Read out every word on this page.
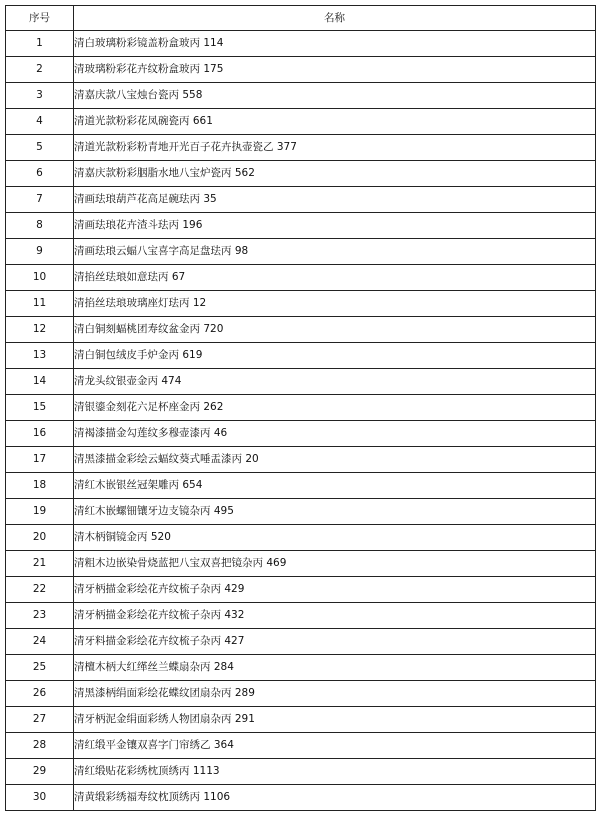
序号	名称
1	清白玻璃粉彩镜盖粉盒玻丙 114
2	清玻璃粉彩花卉纹粉盒玻丙 175
3	清嘉庆款八宝烛台瓷丙 558
4	清道光款粉彩花凤碗瓷丙 661
5	清道光款粉彩粉青地开光百子花卉执壶瓷乙 377
6	清嘉庆款粉彩胭脂水地八宝炉瓷丙 562
7	清画珐琅葫芦花高足碗珐丙 35
8	清画珐琅花卉渣斗珐丙 196
9	清画珐琅云蝠八宝喜字高足盘珐丙 98
10	清掐丝珐琅如意珐丙 67
11	清掐丝珐琅玻璃座灯珐丙 12
12	清白铜刻蝠桃团寿纹盆金丙 720
13	清白铜包绒皮手炉金丙 619
14	清龙头纹银壶金丙 474
15	清银鎏金刻花六足杯座金丙 262
16	清褐漆描金勾莲纹多穆壶漆丙 46
17	清黑漆描金彩绘云蝠纹葵式唾盂漆丙 20
18	清红木嵌银丝冠架雕丙 654
19	清红木嵌螺钿镶牙边支镜杂丙 495
20	清木柄铜镜金丙 520
21	清粗木边嵌染骨烧蓝把八宝双喜把镜杂丙 469
22	清牙柄描金彩绘花卉纹梳子杂丙 429
23	清牙柄描金彩绘花卉纹梳子杂丙 432
24	清牙料描金彩绘花卉纹梳子杂丙 427
25	清檀木柄大红缂丝兰蝶扇杂丙 284
26	清黑漆柄绢面彩绘花蝶纹团扇杂丙 289
27	清牙柄泥金绢面彩绣人物团扇杂丙 291
28	清红缎平金镶双喜字门帘绣乙 364
29	清红缎贴花彩绣枕顶绣丙 1113
30	清黄缎彩绣福寿纹枕顶绣丙 1106
